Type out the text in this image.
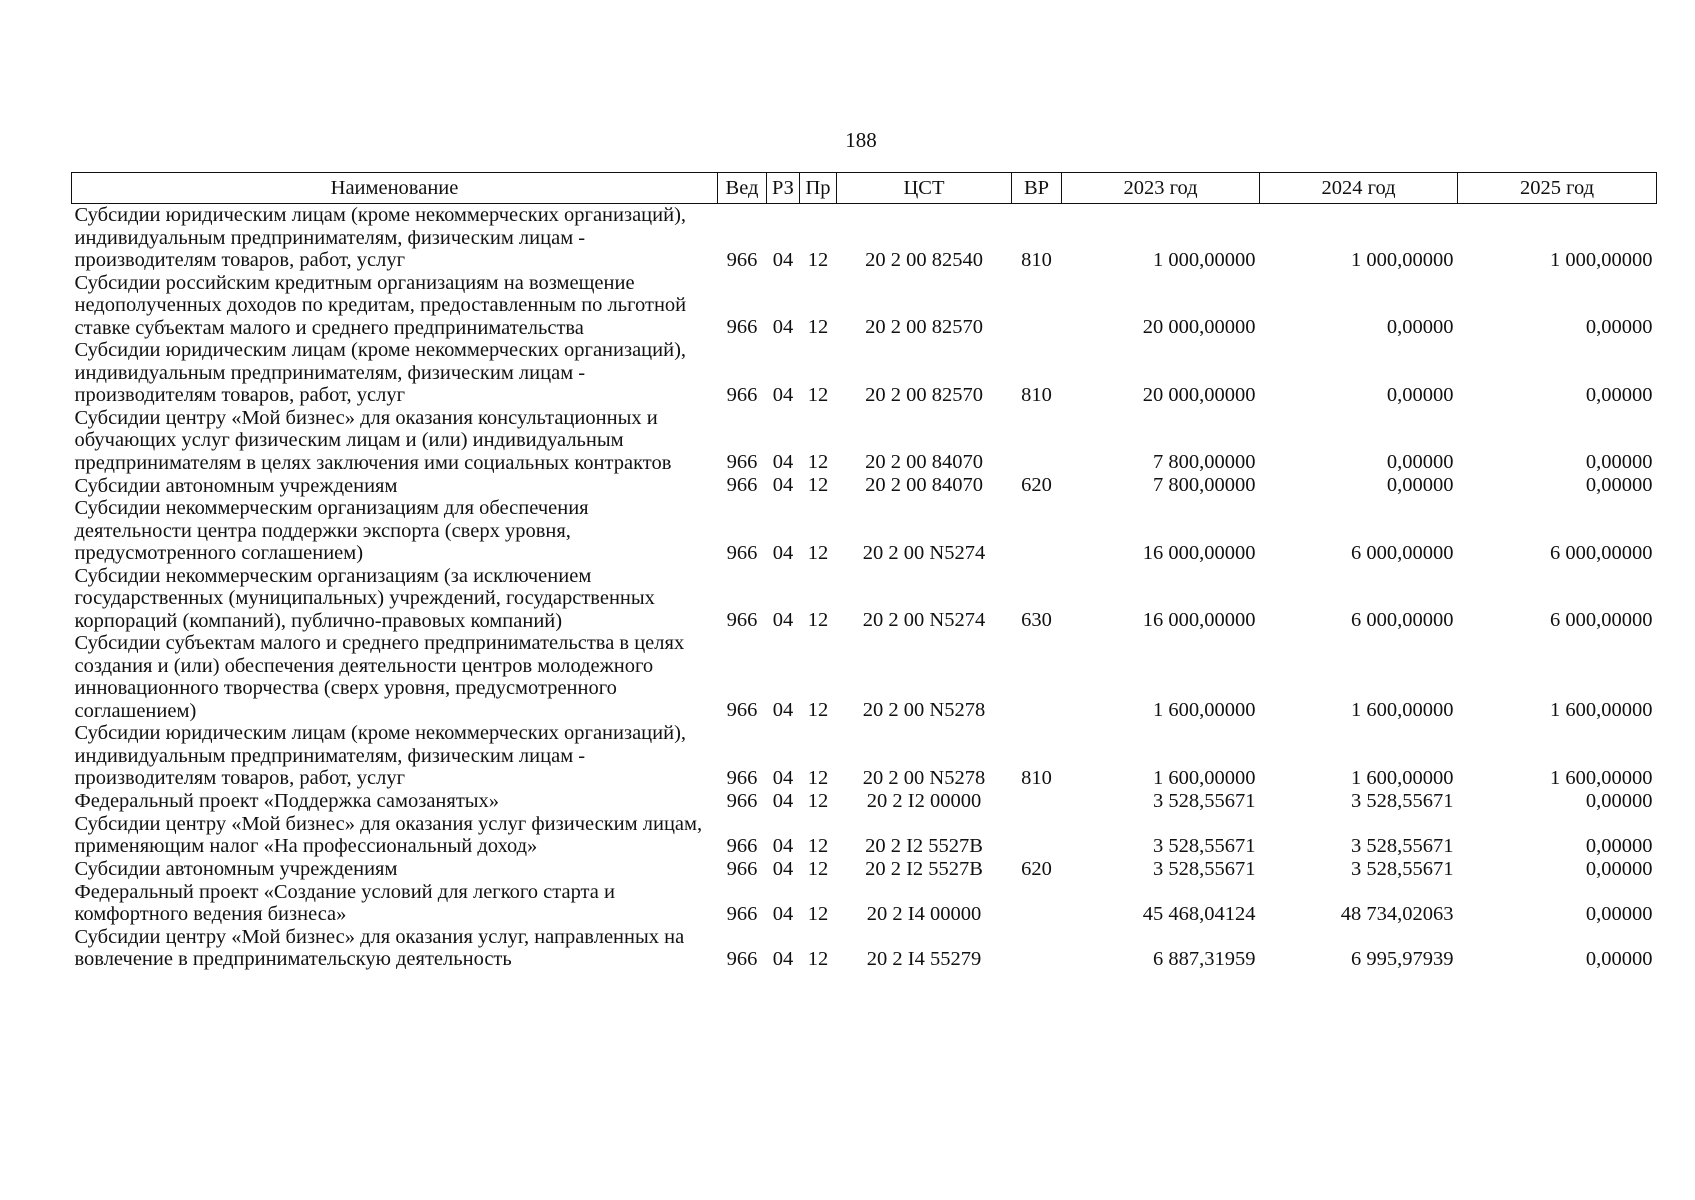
188
Наименование	Вед	РЗ	Пр	ЦСТ	ВР	2023 год	2024 год	2025 год
Субсидии юридическим лицам (кроме некоммерческих организаций), индивидуальным предпринимателям, физическим лицам - производителям товаров, работ, услуг	966	04	12	20 2 00 82540	810	1 000,00000	1 000,00000	1 000,00000
Субсидии российским кредитным организациям на возмещение недополученных доходов по кредитам, предоставленным по льготной ставке субъектам малого и среднего предпринимательства	966	04	12	20 2 00 82570		20 000,00000	0,00000	0,00000
Субсидии юридическим лицам (кроме некоммерческих организаций), индивидуальным предпринимателям, физическим лицам - производителям товаров, работ, услуг	966	04	12	20 2 00 82570	810	20 000,00000	0,00000	0,00000
Субсидии центру «Мой бизнес» для оказания консультационных и обучающих услуг физическим лицам и (или) индивидуальным предпринимателям в целях заключения ими социальных контрактов	966	04	12	20 2 00 84070		7 800,00000	0,00000	0,00000
Субсидии автономным учреждениям	966	04	12	20 2 00 84070	620	7 800,00000	0,00000	0,00000
Субсидии некоммерческим организациям для обеспечения деятельности центра поддержки экспорта (сверх уровня, предусмотренного соглашением)	966	04	12	20 2 00 N5274		16 000,00000	6 000,00000	6 000,00000
Субсидии некоммерческим организациям (за исключением государственных (муниципальных) учреждений, государственных корпораций (компаний), публично-правовых компаний)	966	04	12	20 2 00 N5274	630	16 000,00000	6 000,00000	6 000,00000
Субсидии субъектам малого и среднего предпринимательства в целях создания и (или) обеспечения деятельности центров молодежного инновационного творчества (сверх уровня, предусмотренного соглашением)	966	04	12	20 2 00 N5278		1 600,00000	1 600,00000	1 600,00000
Субсидии юридическим лицам (кроме некоммерческих организаций), индивидуальным предпринимателям, физическим лицам - производителям товаров, работ, услуг	966	04	12	20 2 00 N5278	810	1 600,00000	1 600,00000	1 600,00000
Федеральный проект «Поддержка самозанятых»	966	04	12	20 2 I2 00000		3 528,55671	3 528,55671	0,00000
Субсидии центру «Мой бизнес» для оказания услуг физическим лицам, применяющим налог «На профессиональный доход»	966	04	12	20 2 I2 5527B		3 528,55671	3 528,55671	0,00000
Субсидии автономным учреждениям	966	04	12	20 2 I2 5527B	620	3 528,55671	3 528,55671	0,00000
Федеральный проект «Создание условий для легкого старта и комфортного ведения бизнеса»	966	04	12	20 2 I4 00000		45 468,04124	48 734,02063	0,00000
Субсидии центру «Мой бизнес» для оказания услуг, направленных на вовлечение в предпринимательскую деятельность	966	04	12	20 2 I4 55279		6 887,31959	6 995,97939	0,00000
